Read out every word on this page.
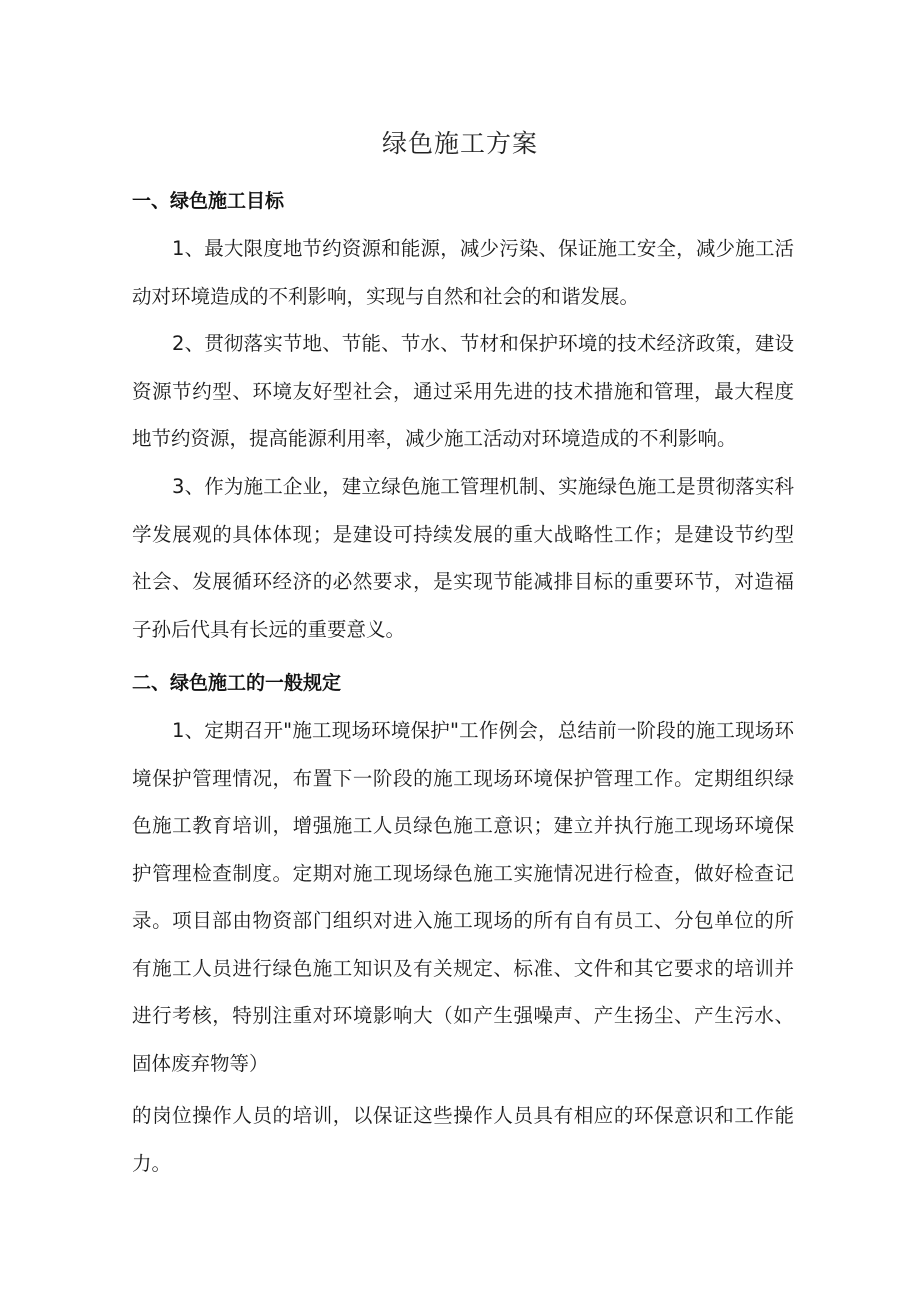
绿色施工方案
一、绿色施工目标
1、最大限度地节约资源和能源，减少污染、保证施工安全，减少施工活动对环境造成的不利影响，实现与自然和社会的和谐发展。
2、贯彻落实节地、节能、节水、节材和保护环境的技术经济政策，建设资源节约型、环境友好型社会，通过采用先进的技术措施和管理，最大程度地节约资源，提高能源利用率，减少施工活动对环境造成的不利影响。
3、作为施工企业，建立绿色施工管理机制、实施绿色施工是贯彻落实科学发展观的具体体现；是建设可持续发展的重大战略性工作；是建设节约型社会、发展循环经济的必然要求，是实现节能减排目标的重要环节，对造福子孙后代具有长远的重要意义。
二、绿色施工的一般规定
1、定期召开"施工现场环境保护"工作例会，总结前一阶段的施工现场环境保护管理情况，布置下一阶段的施工现场环境保护管理工作。定期组织绿色施工教育培训，增强施工人员绿色施工意识；建立并执行施工现场环境保护管理检查制度。定期对施工现场绿色施工实施情况进行检查，做好检查记录。项目部由物资部门组织对进入施工现场的所有自有员工、分包单位的所有施工人员进行绿色施工知识及有关规定、标准、文件和其它要求的培训并进行考核，特别注重对环境影响大（如产生强噪声、产生扬尘、产生污水、固体废弃物等）
的岗位操作人员的培训，以保证这些操作人员具有相应的环保意识和工作能力。
